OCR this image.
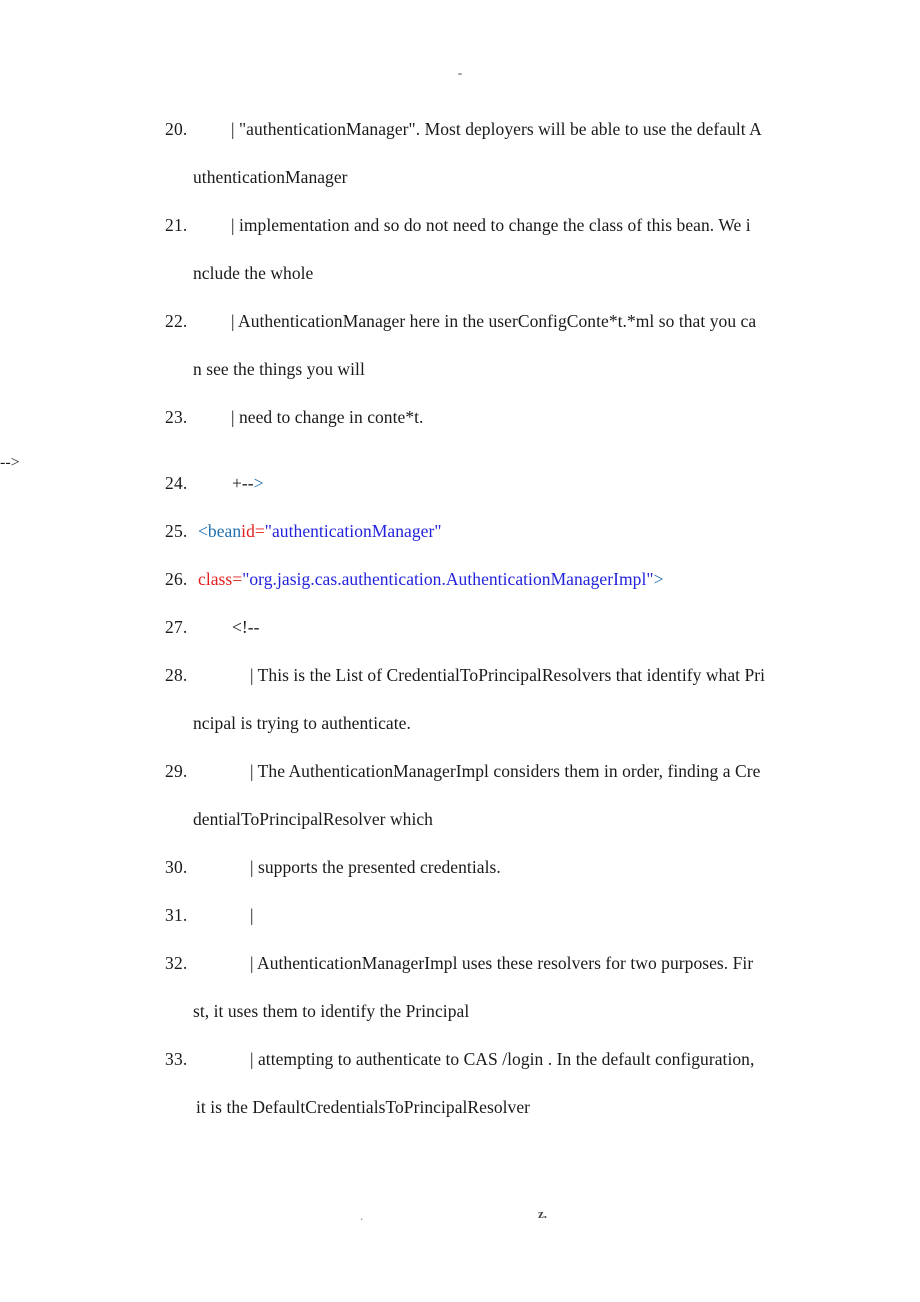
-
20. | "authenticationManager". Most deployers will be able to use the default A
uthenticationManager
21. | implementation and so do not need to change the class of this bean. We i
nclude the whole
22. | AuthenticationManager here in the userConfigConte*t.*ml so that you ca
n see the things you will
23. | need to change in conte*t.
-->
24.	+-->
25. <beanid="authenticationManager"
26. class="org.jasig.cas.authentication.AuthenticationManagerImpl">
27.	<!--
28.	| This is the List of CredentialToPrincipalResolvers that identify what Pri
ncipal is trying to authenticate.
29.	| The AuthenticationManagerImpl considers them in order, finding a Cre
dentialToPrincipalResolver which
30.	| supports the presented credentials.
31.	|
32.	| AuthenticationManagerImpl uses these resolvers for two purposes. Fir
st, it uses them to identify the Principal
33.	| attempting to authenticate to CAS /login . In the default configuration,
it is the DefaultCredentialsToPrincipalResolver
.	z.
